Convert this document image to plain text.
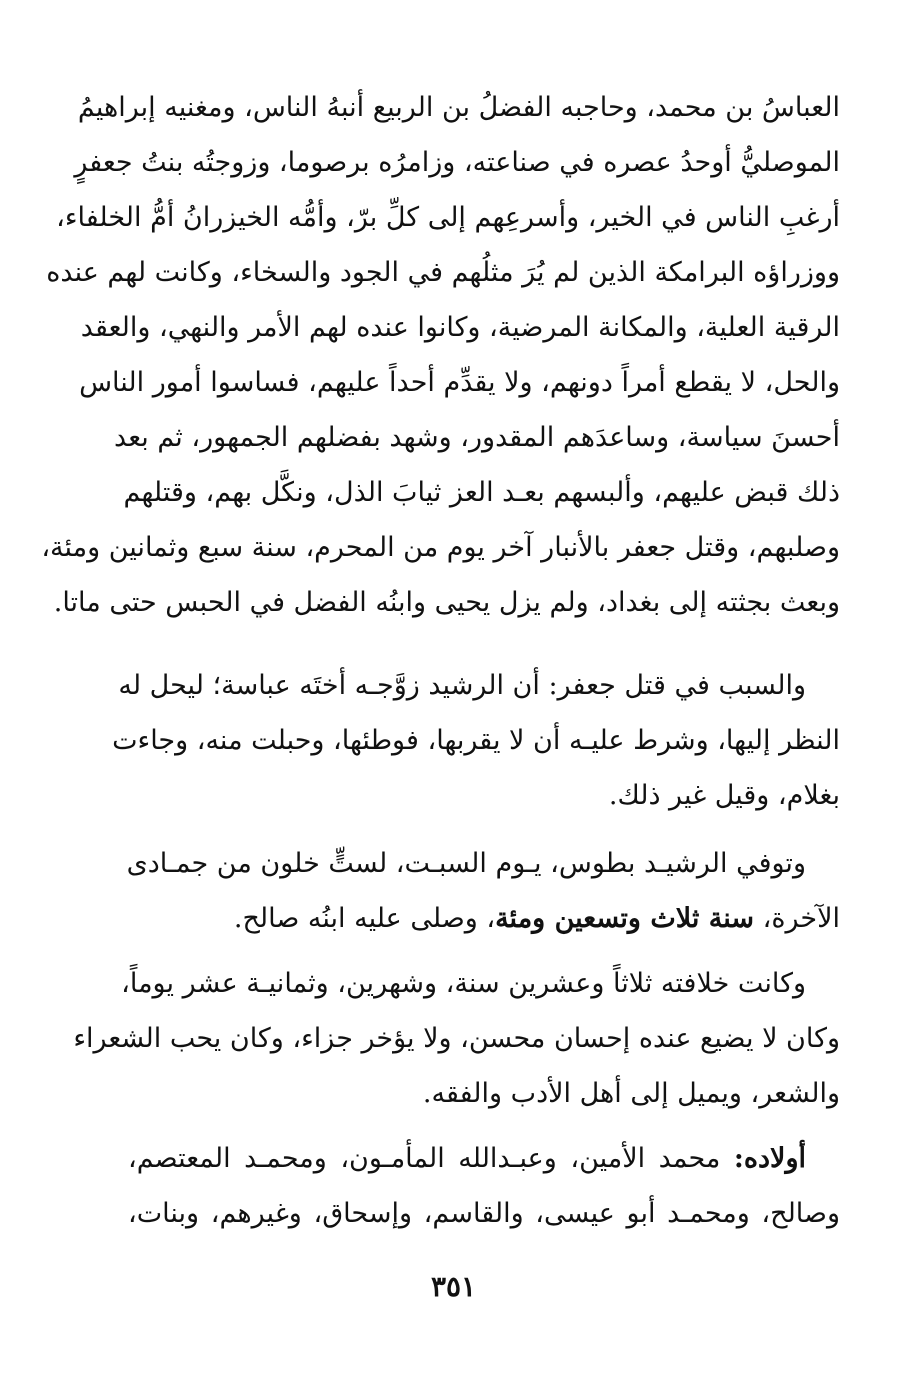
العباسُ بن محمد، وحاجبه الفضلُ بن الربيع أنبهُ الناس، ومغنيه إبراهيمُ
الموصليُّ أوحدُ عصره في صناعته، وزامرُه برصوما، وزوجتُه بنتُ جعفرٍ
أرغبِ الناس في الخير، وأسرعِهم إلى كلِّ برّ، وأمُّه الخيزرانُ أمُّ الخلفاء،
ووزراؤه البرامكة الذين لم يُرَ مثلُهم في الجود والسخاء، وكانت لهم عنده
الرقية العلية، والمكانة المرضية، وكانوا عنده لهم الأمر والنهي، والعقد
والحل، لا يقطع أمراً دونهم، ولا يقدِّم أحداً عليهم، فساسوا أمور الناس
أحسنَ سياسة، وساعدَهم المقدور، وشهد بفضلهم الجمهور، ثم بعد
ذلك قبض عليهم، وألبسهم بعـد العز ثيابَ الذل، ونكَّل بهم، وقتلهم
وصلبهم، وقتل جعفر بالأنبار آخر يوم من المحرم، سنة سبع وثمانين ومئة،
وبعث بجثته إلى بغداد، ولم يزل يحيى وابنُه الفضل في الحبس حتى ماتا.
والسبب في قتل جعفر: أن الرشيد زوَّجـه أختَه عباسة؛ ليحل له
النظر إليها، وشرط عليـه أن لا يقربها، فوطئها، وحبلت منه، وجاءت
بغلام، وقيل غير ذلك.
وتوفي الرشيـد بطوس، يـوم السبـت، لستٍّ خلون من جمـادى
الآخرة، سنة ثلاث وتسعين ومئة، وصلى عليه ابنُه صالح.
وكانت خلافته ثلاثاً وعشرين سنة، وشهرين، وثمانيـة عشر يوماً،
وكان لا يضيع عنده إحسان محسن، ولا يؤخر جزاء، وكان يحب الشعراء
والشعر، ويميل إلى أهل الأدب والفقه.
أولاده: محمد الأمين، وعبـدالله المأمـون، ومحمـد المعتصم،
وصالح، ومحمـد أبو عيسى، والقاسم، وإسحاق، وغيرهم، وبنات،
٣٥١
